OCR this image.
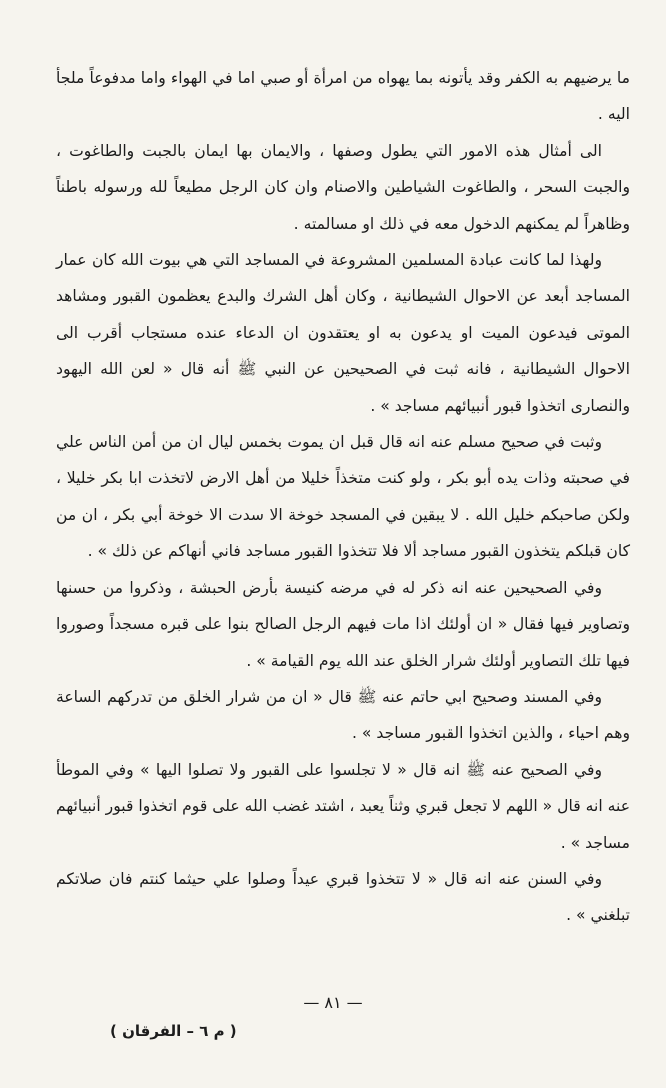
ما يرضيهم به الكفر وقد يأتونه بما يهواه من امرأة أو صبي اما في الهواء واما مدفوعاً ملجأ اليه .

الى أمثال هذه الامور التي يطول وصفها ، والايمان بها ايمان بالجبت والطاغوت ، والجبت السحر ، والطاغوت الشياطين والاصنام وان كان الرجل مطيعاً لله ورسوله باطناً وظاهراً لم يمكنهم الدخول معه في ذلك او مسالمته .

ولهذا لما كانت عبادة المسلمين المشروعة في المساجد التي هي بيوت الله كان عمار المساجد أبعد عن الاحوال الشيطانية ، وكان أهل الشرك والبدع يعظمون القبور ومشاهد الموتى فيدعون الميت او يدعون به او يعتقدون ان الدعاء عنده مستجاب أقرب الى الاحوال الشيطانية ، فانه ثبت في الصحيحين عن النبي ﷺ أنه قال « لعن الله اليهود والنصارى اتخذوا قبور أنبيائهم مساجد » .

وثبت في صحيح مسلم عنه انه قال قبل ان يموت بخمس ليال ان من أمن الناس علي في صحبته وذات يده أبو بكر ، ولو كنت متخذاً خليلا من أهل الارض لاتخذت ابا بكر خليلا ، ولكن صاحبكم خليل الله . لا يبقين في المسجد خوخة الا سدت الا خوخة أبي بكر ، ان من كان قبلكم يتخذون القبور مساجد ألا فلا تتخذوا القبور مساجد فاني أنهاكم عن ذلك » .

وفي الصحيحين عنه انه ذكر له في مرضه كنيسة بأرض الحبشة ، وذكروا من حسنها وتصاوير فيها فقال « ان أولئك اذا مات فيهم الرجل الصالح بنوا على قبره مسجداً وصوروا فيها تلك التصاوير أولئك شرار الخلق عند الله يوم القيامة » .

وفي المسند وصحيح ابي حاتم عنه ﷺ قال « ان من شرار الخلق من تدركهم الساعة وهم احياء ، والذين اتخذوا القبور مساجد » .

وفي الصحيح عنه ﷺ انه قال « لا تجلسوا على القبور ولا تصلوا اليها » وفي الموطأ عنه انه قال « اللهم لا تجعل قبري وثناً يعبد ، اشتد غضب الله على قوم اتخذوا قبور أنبيائهم مساجد » .

وفي السنن عنه انه قال « لا تتخذوا قبري عيداً وصلوا علي حيثما كنتم فان صلاتكم تبلغني » .

— ٨١ —
( م ٦ – الفرقان )
